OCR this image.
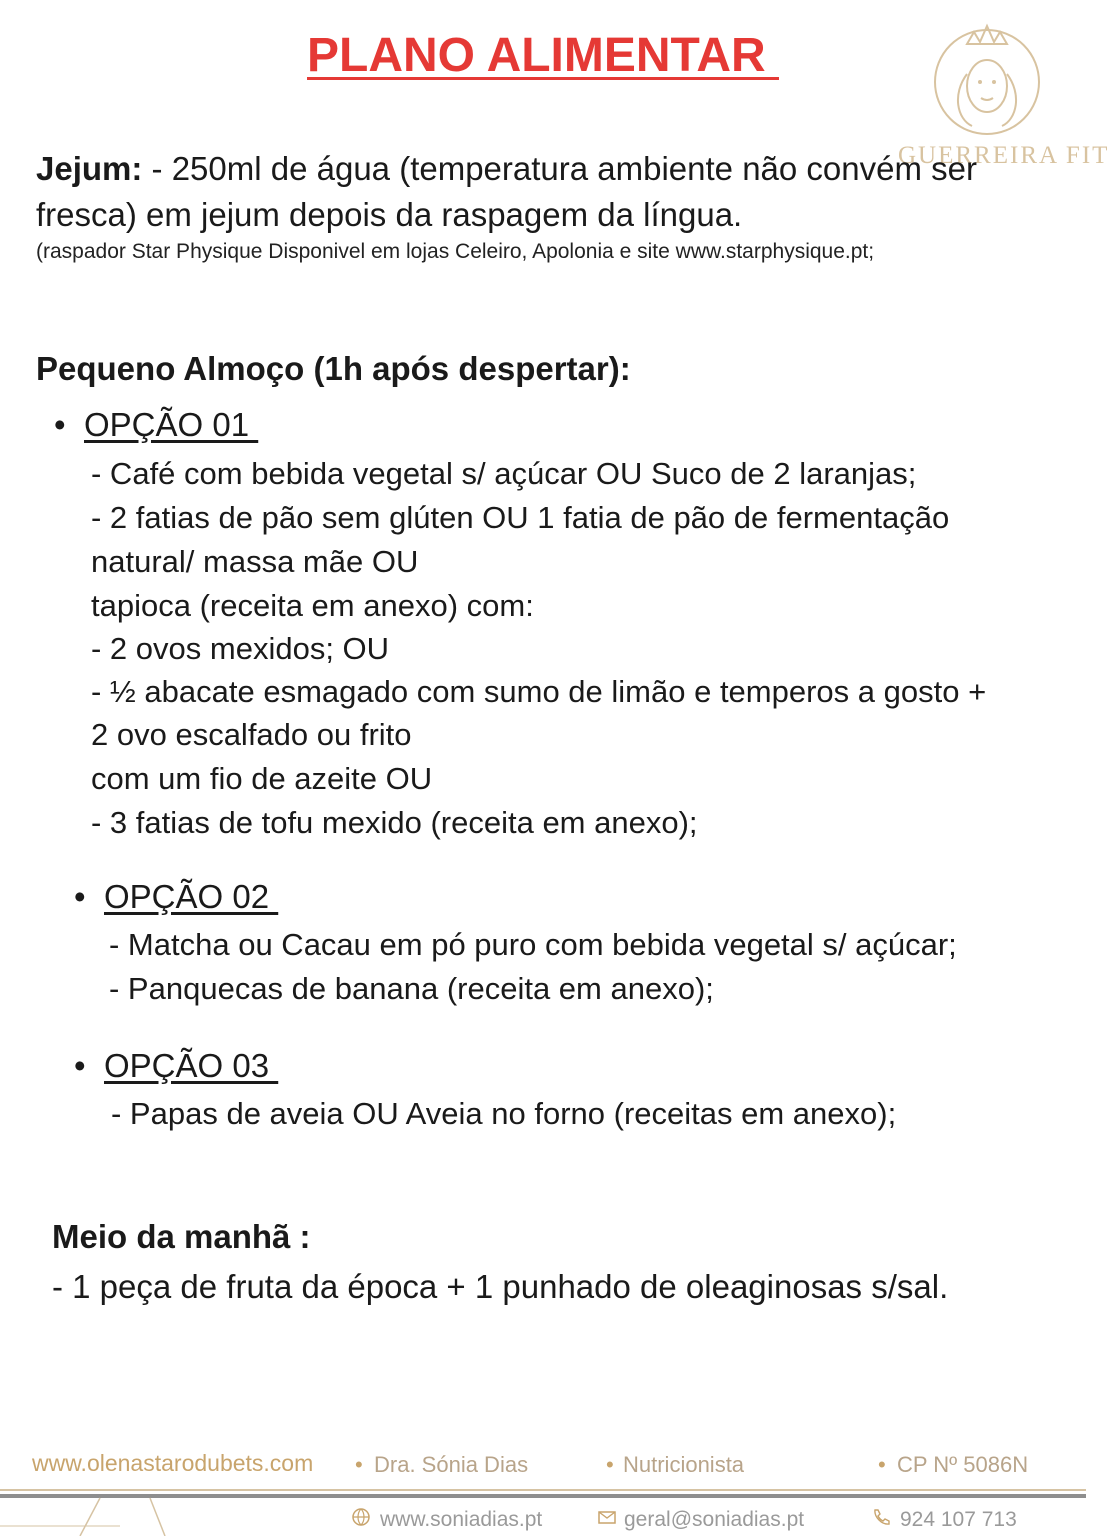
PLANO ALIMENTAR
GUERREIRA FIT
Jejum: - 250ml de água (temperatura ambiente não convém ser fresca) em jejum depois da raspagem da língua.
(raspador Star Physique Disponivel em lojas Celeiro, Apolonia e site www.starphysique.pt;
Pequeno Almoço (1h após despertar):
• OPÇÃO 01
- Café com bebida vegetal s/ açúcar OU Suco de 2 laranjas;
- 2 fatias de pão sem glúten OU 1 fatia de pão de fermentação
natural/ massa mãe OU
tapioca (receita em anexo) com:
- 2 ovos mexidos; OU
- ½ abacate esmagado com sumo de limão e temperos a gosto +
2 ovo escalfado ou frito
com um fio de azeite OU
- 3 fatias de tofu mexido (receita em anexo);
• OPÇÃO 02
- Matcha ou Cacau em pó puro com bebida vegetal s/ açúcar;
- Panquecas de banana (receita em anexo);
• OPÇÃO 03
- Papas de aveia OU Aveia no forno (receitas em anexo);
Meio da manhã :
- 1 peça de fruta da época + 1 punhado de oleaginosas s/sal.
www.olenastarodubets.com • Dra. Sónia Dias	• Nutricionista	• CP Nº 5086N
www.soniadias.pt	geral@soniadias.pt	924 107 713
